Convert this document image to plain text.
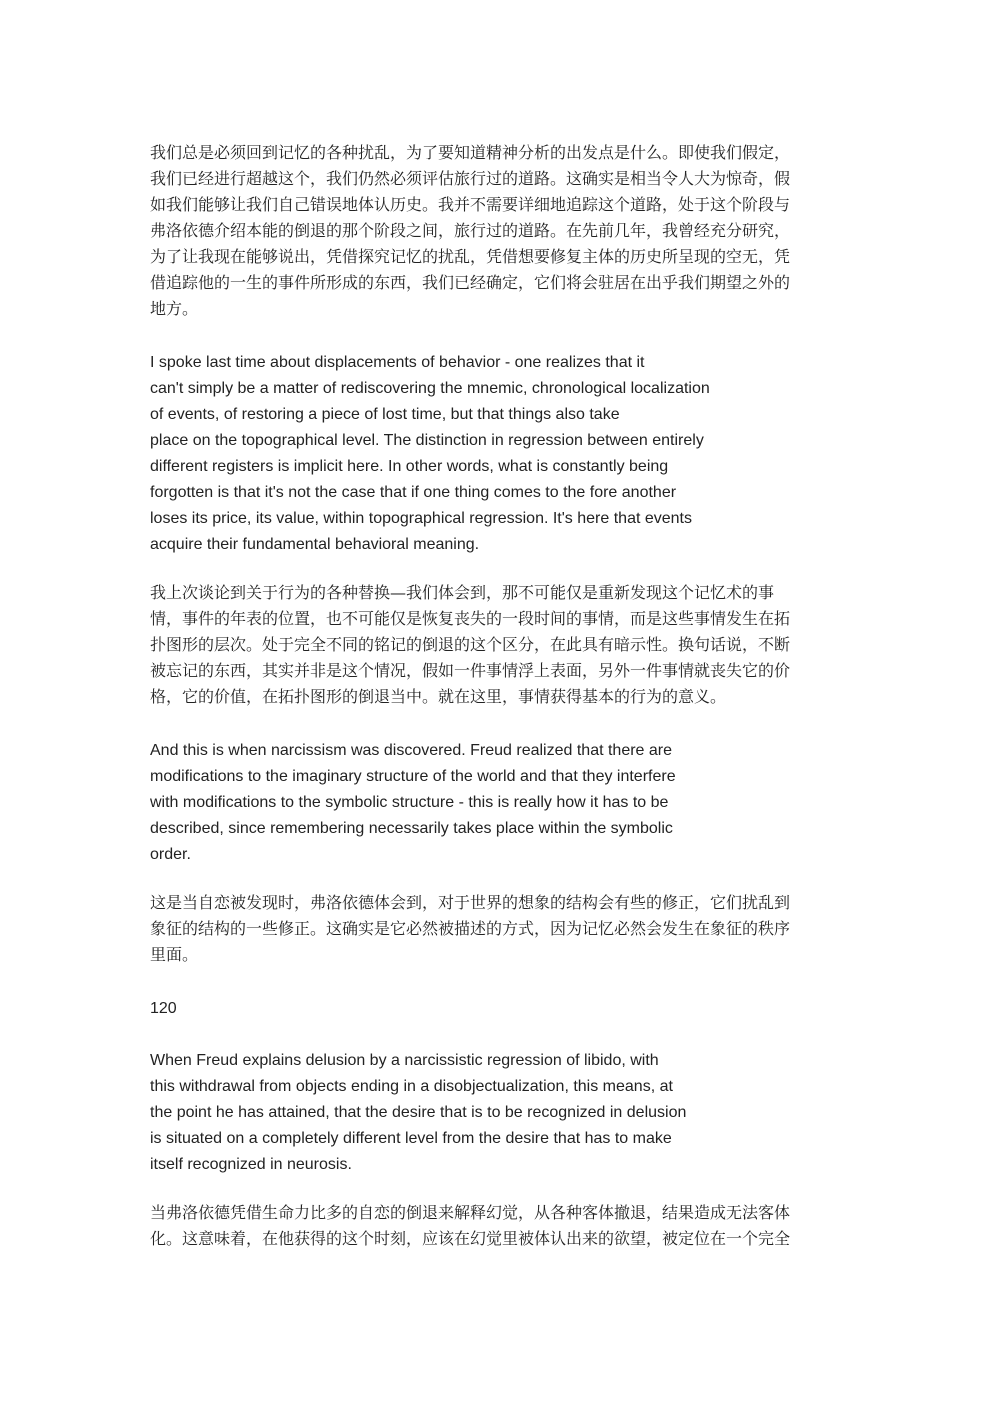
我们总是必须回到记忆的各种扰乱，为了要知道精神分析的出发点是什么。即使我们假定，
我们已经进行超越这个，我们仍然必须评估旅行过的道路。这确实是相当令人大为惊奇，假
如我们能够让我们自己错误地体认历史。我并不需要详细地追踪这个道路，处于这个阶段与
弗洛依德介绍本能的倒退的那个阶段之间，旅行过的道路。在先前几年，我曾经充分研究，
为了让我现在能够说出，凭借探究记忆的扰乱，凭借想要修复主体的历史所呈现的空无，凭
借追踪他的一生的事件所形成的东西，我们已经确定，它们将会驻居在出乎我们期望之外的
地方。

I spoke last time about displacements of behavior - one realizes that it
can't simply be a matter of rediscovering the mnemic, chronological localization
of events, of restoring a piece of lost time, but that things also take
place on the topographical level. The distinction in regression between entirely
different registers is implicit here. In other words, what is constantly being
forgotten is that it's not the case that if one thing comes to the fore another
loses its price, its value, within topographical regression. It's here that events
acquire their fundamental behavioral meaning.

我上次谈论到关于行为的各种替换—我们体会到，那不可能仅是重新发现这个记忆术的事
情，事件的年表的位置，也不可能仅是恢复丧失的一段时间的事情，而是这些事情发生在拓
扑图形的层次。处于完全不同的铭记的倒退的这个区分，在此具有暗示性。换句话说，不断
被忘记的东西，其实并非是这个情况，假如一件事情浮上表面，另外一件事情就丧失它的价
格，它的价值，在拓扑图形的倒退当中。就在这里，事情获得基本的行为的意义。

And this is when narcissism was discovered. Freud realized that there are
modifications to the imaginary structure of the world and that they interfere
with modifications to the symbolic structure - this is really how it has to be
described, since remembering necessarily takes place within the symbolic
order.

这是当自恋被发现时，弗洛依德体会到，对于世界的想象的结构会有些的修正，它们扰乱到
象征的结构的一些修正。这确实是它必然被描述的方式，因为记忆必然会发生在象征的秩序
里面。

120

When Freud explains delusion by a narcissistic regression of libido, with
this withdrawal from objects ending in a disobjectualization, this means, at
the point he has attained, that the desire that is to be recognized in delusion
is situated on a completely different level from the desire that has to make
itself recognized in neurosis.

当弗洛依德凭借生命力比多的自恋的倒退来解释幻觉，从各种客体撤退，结果造成无法客体
化。这意味着，在他获得的这个时刻，应该在幻觉里被体认出来的欲望，被定位在一个完全
